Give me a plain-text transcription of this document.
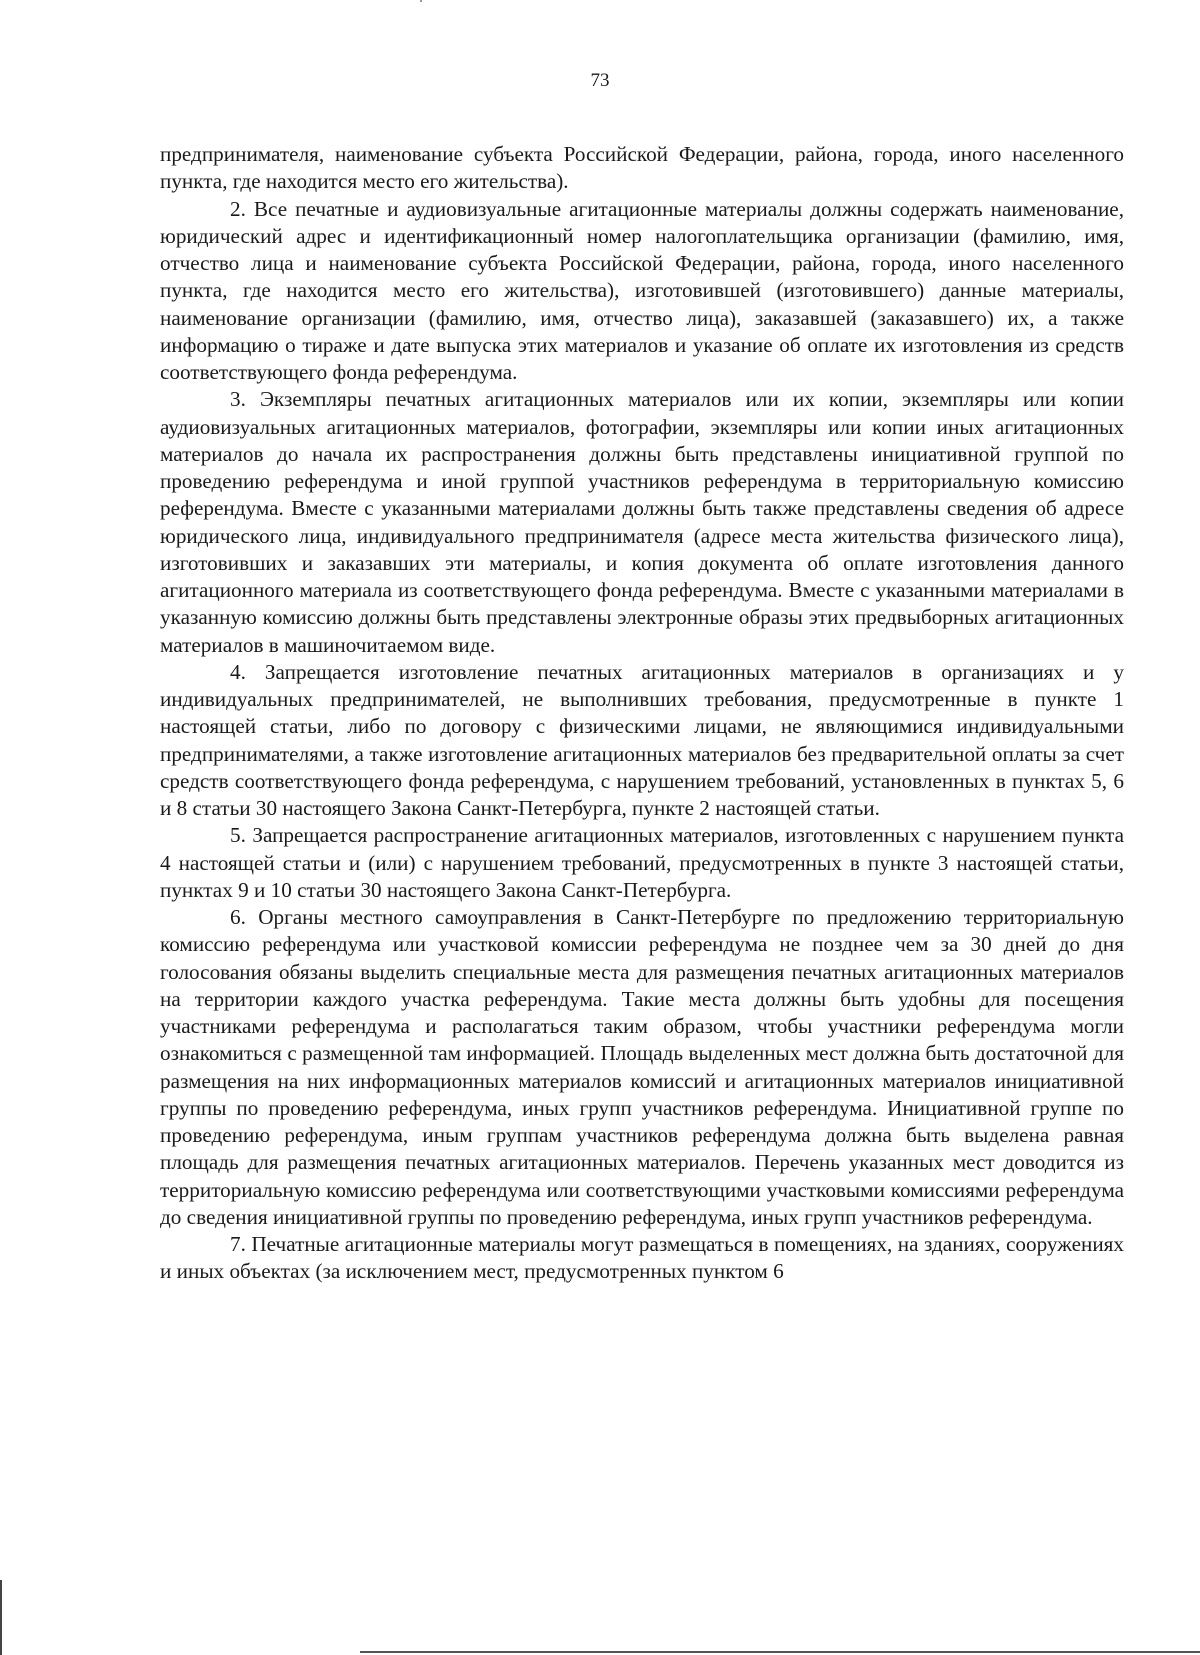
73

предпринимателя, наименование субъекта Российской Федерации, района, города, иного населенного пункта, где находится место его жительства).

2. Все печатные и аудиовизуальные агитационные материалы должны содержать наименование, юридический адрес и идентификационный номер налогоплательщика организации (фамилию, имя, отчество лица и наименование субъекта Российской Федерации, района, города, иного населенного пункта, где находится место его жительства), изготовившей (изготовившего) данные материалы, наименование организации (фамилию, имя, отчество лица), заказавшей (заказавшего) их, а также информацию о тираже и дате выпуска этих материалов и указание об оплате их изготовления из средств соответствующего фонда референдума.

3. Экземпляры печатных агитационных материалов или их копии, экземпляры или копии аудиовизуальных агитационных материалов, фотографии, экземпляры или копии иных агитационных материалов до начала их распространения должны быть представлены инициативной группой по проведению референдума и иной группой участников референдума в территориальную комиссию референдума. Вместе с указанными материалами должны быть также представлены сведения об адресе юридического лица, индивидуального предпринимателя (адресе места жительства физического лица), изготовивших и заказавших эти материалы, и копия документа об оплате изготовления данного агитационного материала из соответствующего фонда референдума. Вместе с указанными материалами в указанную комиссию должны быть представлены электронные образы этих предвыборных агитационных материалов в машиночитаемом виде.

4. Запрещается изготовление печатных агитационных материалов в организациях и у индивидуальных предпринимателей, не выполнивших требования, предусмотренные в пункте 1 настоящей статьи, либо по договору с физическими лицами, не являющимися индивидуальными предпринимателями, а также изготовление агитационных материалов без предварительной оплаты за счет средств соответствующего фонда референдума, с нарушением требований, установленных в пунктах 5, 6 и 8 статьи 30 настоящего Закона Санкт-Петербурга, пункте 2 настоящей статьи.

5. Запрещается распространение агитационных материалов, изготовленных с нарушением пункта 4 настоящей статьи и (или) с нарушением требований, предусмотренных в пункте 3 настоящей статьи, пунктах 9 и 10 статьи 30 настоящего Закона Санкт-Петербурга.

6. Органы местного самоуправления в Санкт-Петербурге по предложению территориальную комиссию референдума или участковой комиссии референдума не позднее чем за 30 дней до дня голосования обязаны выделить специальные места для размещения печатных агитационных материалов на территории каждого участка референдума. Такие места должны быть удобны для посещения участниками референдума и располагаться таким образом, чтобы участники референдума могли ознакомиться с размещенной там информацией. Площадь выделенных мест должна быть достаточной для размещения на них информационных материалов комиссий и агитационных материалов инициативной группы по проведению референдума, иных групп участников референдума. Инициативной группе по проведению референдума, иным группам участников референдума должна быть выделена равная площадь для размещения печатных агитационных материалов. Перечень указанных мест доводится из территориальную комиссию референдума или соответствующими участковыми комиссиями референдума до сведения инициативной группы по проведению референдума, иных групп участников референдума.

7. Печатные агитационные материалы могут размещаться в помещениях, на зданиях, сооружениях и иных объектах (за исключением мест, предусмотренных пунктом 6
